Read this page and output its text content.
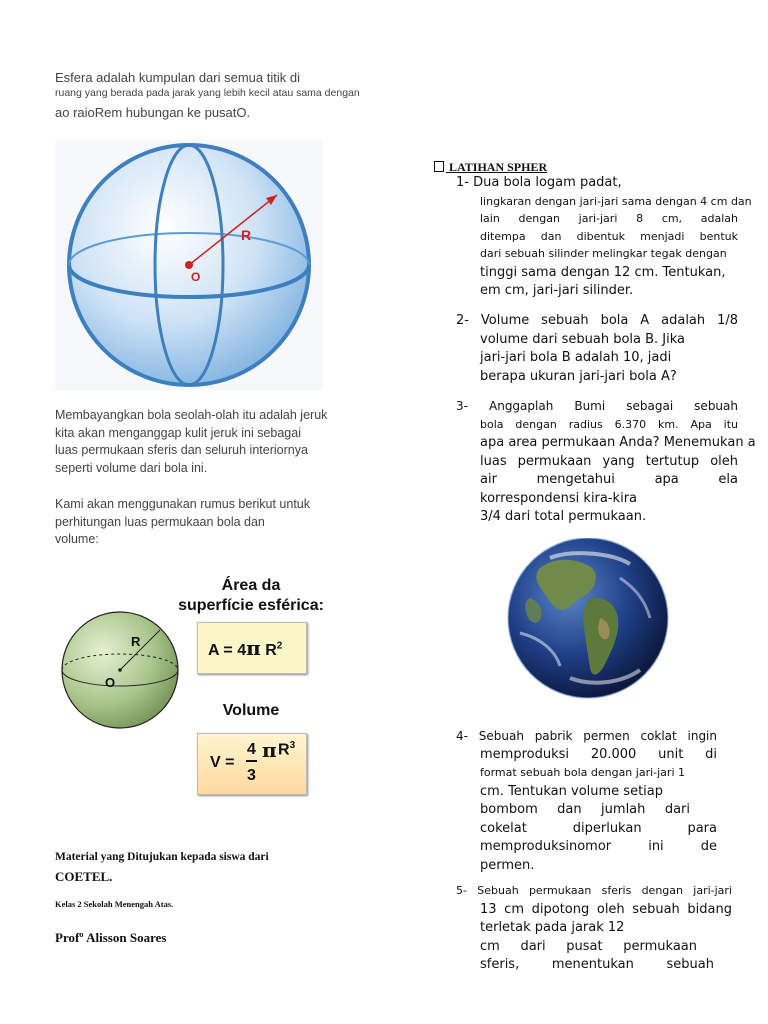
Esfera adalah kumpulan dari semua titik di
ruang yang berada pada jarak yang lebih kecil atau sama dengan
ao raioRem hubungan ke pusatO.
R
O
Membayangkan bola seolah-olah itu adalah jeruk
kita akan menganggap kulit jeruk ini sebagai
luas permukaan sferis dan seluruh interiornya
seperti volume dari bola ini.
Kami akan menggunakan rumus berikut untuk
perhitungan luas permukaan bola dan
volume:
R
O
Área da
superfície esférica:
A = 4π $R^2$
Volume
V =
4 π $R^3$
3
Material yang Ditujukan kepada siswa dari
COETEL.
Kelas 2 Sekolah Menengah Atas.
Profº Alisson Soares
LATIHAN SPHER
1- Dua bola logam padat,
lingkaran dengan jari-jari sama dengan 4 cm dan
lain dengan jari-jari 8 cm, adalah
ditempa dan dibentuk menjadi bentuk
dari sebuah silinder melingkar tegak dengan
tinggi sama dengan 12 cm. Tentukan,
em cm, jari-jari silinder.
2- Volume sebuah bola A adalah 1/8
volume dari sebuah bola B. Jika
jari-jari bola B adalah 10, jadi
berapa ukuran jari-jari bola A?
3- Anggaplah Bumi sebagai sebuah
bola dengan radius 6.370 km. Apa itu
apa area permukaan Anda? Menemukan a
luas permukaan yang tertutup oleh
air mengetahui apa ela
korrespondensi kira-kira
3/4 dari total permukaan.
4- Sebuah pabrik permen coklat ingin
memproduksi 20.000 unit di
format sebuah bola dengan jari-jari 1
cm. Tentukan volume setiap
bombom dan jumlah dari
cokelat diperlukan para
memproduksinomor ini de
permen.
5- Sebuah permukaan sferis dengan jari-jari
13 cm dipotong oleh sebuah bidang
terletak pada jarak 12
cm dari pusat permukaan
sferis, menentukan sebuah
